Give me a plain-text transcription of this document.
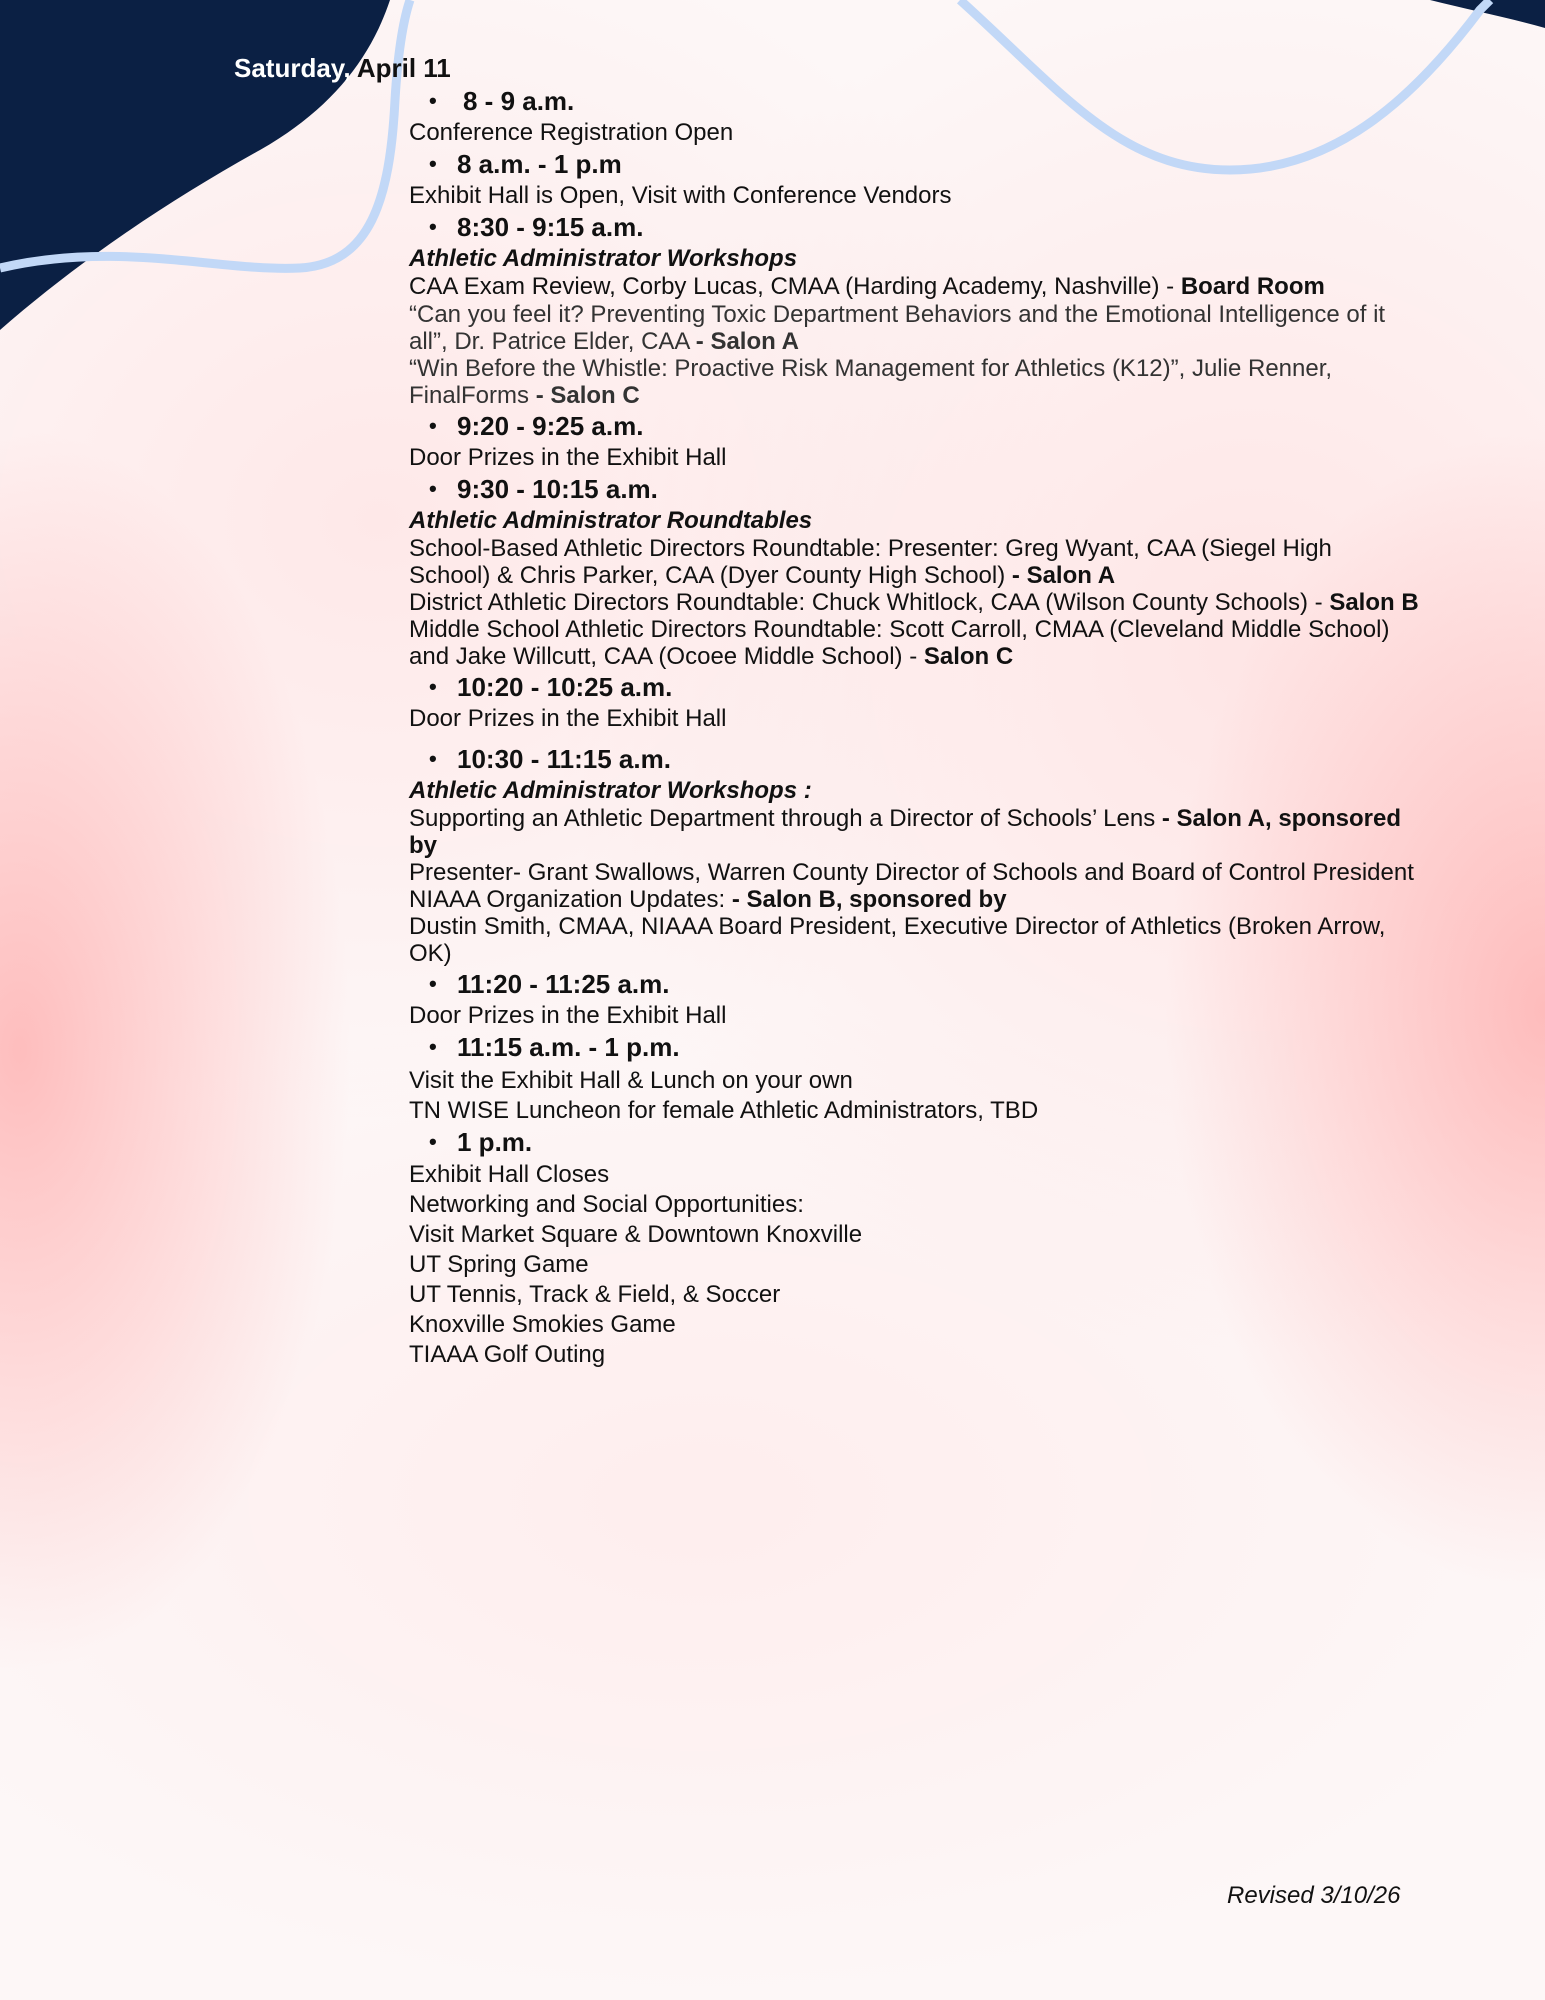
Saturday, April 11
• 8 - 9 a.m.
Conference Registration Open
• 8 a.m. - 1 p.m
Exhibit Hall is Open, Visit with Conference Vendors
• 8:30 - 9:15 a.m.
Athletic Administrator Workshops
CAA Exam Review, Corby Lucas, CMAA (Harding Academy, Nashville) - Board Room
“Can you feel it? Preventing Toxic Department Behaviors and the Emotional Intelligence of it all”, Dr. Patrice Elder, CAA - Salon A
“Win Before the Whistle: Proactive Risk Management for Athletics (K12)”, Julie Renner, FinalForms - Salon C
• 9:20 - 9:25 a.m.
Door Prizes in the Exhibit Hall
• 9:30 - 10:15 a.m.
Athletic Administrator Roundtables
School-Based Athletic Directors Roundtable: Presenter: Greg Wyant, CAA (Siegel High School) & Chris Parker, CAA (Dyer County High School) - Salon A
District Athletic Directors Roundtable: Chuck Whitlock, CAA (Wilson County Schools) - Salon B
Middle School Athletic Directors Roundtable: Scott Carroll, CMAA (Cleveland Middle School) and Jake Willcutt, CAA (Ocoee Middle School) - Salon C
• 10:20 - 10:25 a.m.
Door Prizes in the Exhibit Hall
• 10:30 - 11:15 a.m.
Athletic Administrator Workshops :
Supporting an Athletic Department through a Director of Schools’ Lens - Salon A, sponsored by
Presenter- Grant Swallows, Warren County Director of Schools and Board of Control President
NIAAA Organization Updates: - Salon B, sponsored by
Dustin Smith, CMAA, NIAAA Board President, Executive Director of Athletics (Broken Arrow, OK)
• 11:20 - 11:25 a.m.
Door Prizes in the Exhibit Hall
• 11:15 a.m. - 1 p.m.
Visit the Exhibit Hall & Lunch on your own
TN WISE Luncheon for female Athletic Administrators, TBD
• 1 p.m.
Exhibit Hall Closes
Networking and Social Opportunities:
Visit Market Square & Downtown Knoxville
UT Spring Game
UT Tennis, Track & Field, & Soccer
Knoxville Smokies Game
TIAAA Golf Outing
Revised 3/10/26
